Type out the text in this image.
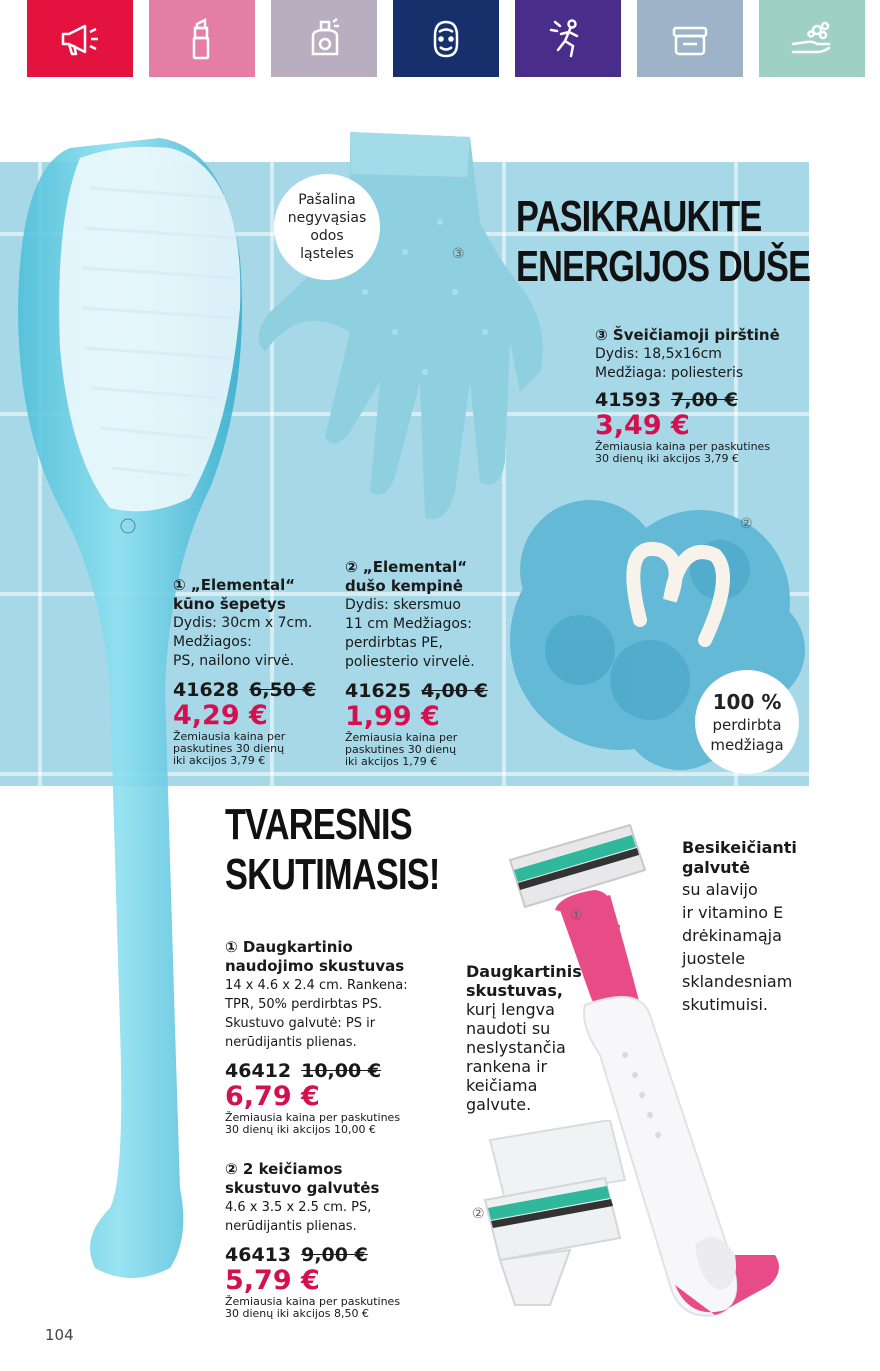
③
②
PASIKRAUKITE
ENERGIJOS DUŠE
Pašalina
negyvąsias
odos
ląsteles
100 %
perdirbta
medžiaga
③ Šveičiamoji pirštinė
Dydis: 18,5x16cm
Medžiaga: poliesteris
41593 7,00 €
3,49 €
Žemiausia kaina per paskutines
30 dienų iki akcijos 3,79 €
① „Elemental“
kūno šepetys
Dydis: 30cm x 7cm.
Medžiagos:
PS, nailono virvė.
41628 6,50 €
4,29 €
Žemiausia kaina per
paskutines 30 dienų
iki akcijos 3,79 €
② „Elemental“
dušo kempinė
Dydis: skersmuo
11 cm Medžiagos:
perdirbtas PE,
poliesterio virvelė.
41625 4,00 €
1,99 €
Žemiausia kaina per
paskutines 30 dienų
iki akcijos 1,79 €
TVARESNIS
SKUTIMASIS!
①
②
① Daugkartinio
naudojimo skustuvas
14 x 4.6 x 2.4 cm. Rankena:
TPR, 50% perdirbtas PS.
Skustuvo galvutė: PS ir
nerūdijantis plienas.
46412 10,00 €
6,79 €
Žemiausia kaina per paskutines
30 dienų iki akcijos 10,00 €
② 2 keičiamos
skustuvo galvutės
4.6 x 3.5 x 2.5 cm. PS,
nerūdijantis plienas.
46413 9,00 €
5,79 €
Žemiausia kaina per paskutines
30 dienų iki akcijos 8,50 €
Daugkartinis
skustuvas,
kurį lengva
naudoti su
neslystančia
rankena ir
keičiama
galvute.
Besikeičianti
galvutė
su alavijo
ir vitamino E
drėkinamąja
juostele
sklandesniam
skutimuisi.
104
